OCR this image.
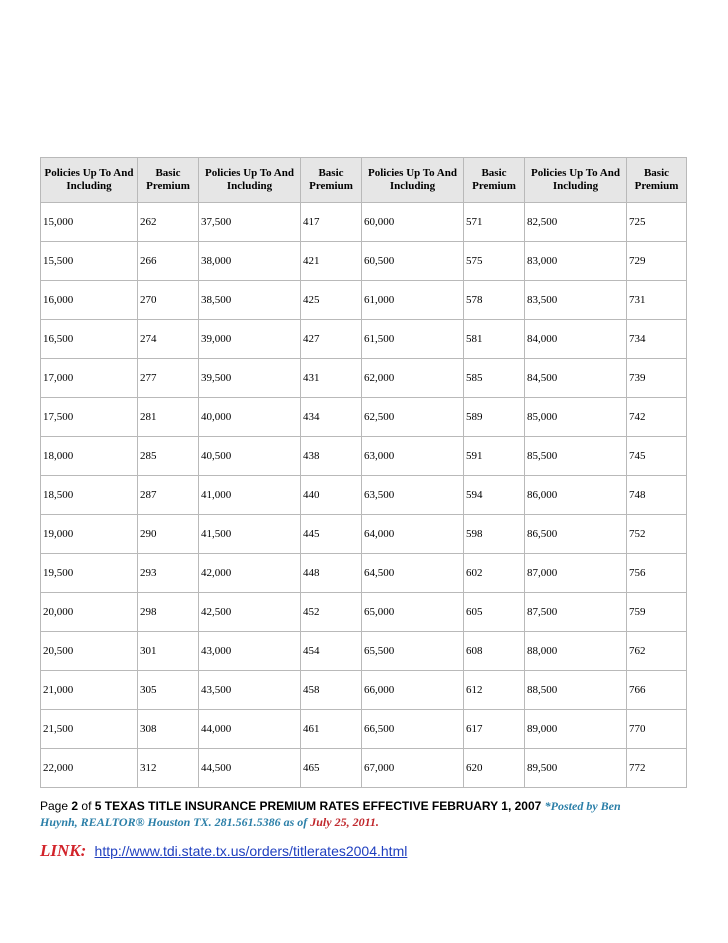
Policies Up To And Including	Basic Premium	Policies Up To And Including	Basic Premium	Policies Up To And Including	Basic Premium	Policies Up To And Including	Basic Premium
15,000	262	37,500	417	60,000	571	82,500	725
15,500	266	38,000	421	60,500	575	83,000	729
16,000	270	38,500	425	61,000	578	83,500	731
16,500	274	39,000	427	61,500	581	84,000	734
17,000	277	39,500	431	62,000	585	84,500	739
17,500	281	40,000	434	62,500	589	85,000	742
18,000	285	40,500	438	63,000	591	85,500	745
18,500	287	41,000	440	63,500	594	86,000	748
19,000	290	41,500	445	64,000	598	86,500	752
19,500	293	42,000	448	64,500	602	87,000	756
20,000	298	42,500	452	65,000	605	87,500	759
20,500	301	43,000	454	65,500	608	88,000	762
21,000	305	43,500	458	66,000	612	88,500	766
21,500	308	44,000	461	66,500	617	89,000	770
22,000	312	44,500	465	67,000	620	89,500	772
Page 2 of 5 TEXAS TITLE INSURANCE PREMIUM RATES EFFECTIVE FEBRUARY 1, 2007 *Posted by Ben
Huynh, REALTOR® Houston TX. 281.561.5386 as of July 25, 2011.
LINK: http://www.tdi.state.tx.us/orders/titlerates2004.html
